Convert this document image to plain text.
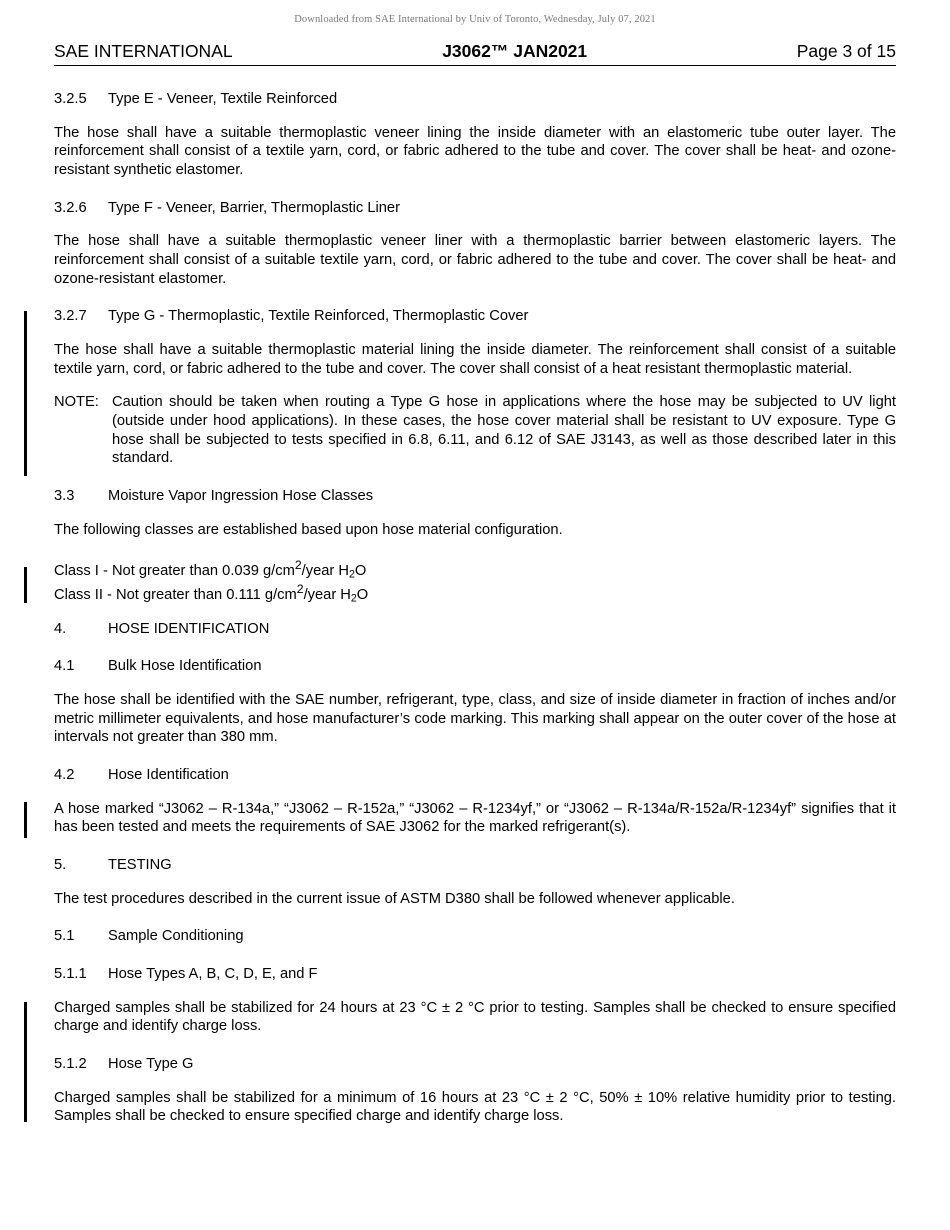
Downloaded from SAE International by Univ of Toronto, Wednesday, July 07, 2021
SAE INTERNATIONAL	J3062™ JAN2021	Page 3 of 15
3.2.5	Type E - Veneer, Textile Reinforced

The hose shall have a suitable thermoplastic veneer lining the inside diameter with an elastomeric tube outer layer. The reinforcement shall consist of a textile yarn, cord, or fabric adhered to the tube and cover. The cover shall be heat- and ozone-resistant synthetic elastomer.

3.2.6	Type F - Veneer, Barrier, Thermoplastic Liner

The hose shall have a suitable thermoplastic veneer liner with a thermoplastic barrier between elastomeric layers. The reinforcement shall consist of a suitable textile yarn, cord, or fabric adhered to the tube and cover. The cover shall be heat- and ozone-resistant elastomer.

3.2.7	Type G - Thermoplastic, Textile Reinforced, Thermoplastic Cover

The hose shall have a suitable thermoplastic material lining the inside diameter. The reinforcement shall consist of a suitable textile yarn, cord, or fabric adhered to the tube and cover. The cover shall consist of a heat resistant thermoplastic material.

NOTE: Caution should be taken when routing a Type G hose in applications where the hose may be subjected to UV light (outside under hood applications). In these cases, the hose cover material shall be resistant to UV exposure. Type G hose shall be subjected to tests specified in 6.8, 6.11, and 6.12 of SAE J3143, as well as those described later in this standard.
3.3	Moisture Vapor Ingression Hose Classes

The following classes are established based upon hose material configuration.

Class I - Not greater than 0.039 $g/cm^2$/year $H_2O$

Class II - Not greater than 0.111 $g/cm^2$/year $H_2O$

4.	HOSE IDENTIFICATION
4.1	Bulk Hose Identification

The hose shall be identified with the SAE number, refrigerant, type, class, and size of inside diameter in fraction of inches and/or metric millimeter equivalents, and hose manufacturer’s code marking. This marking shall appear on the outer cover of the hose at intervals not greater than 380 mm.

4.2	Hose Identification

A hose marked “J3062 – R-134a,” “J3062 – R-152a,” “J3062 – R-1234yf,” or “J3062 – R-134a/R-152a/R-1234yf” signifies that it has been tested and meets the requirements of SAE J3062 for the marked refrigerant(s).

5.	TESTING

The test procedures described in the current issue of ASTM D380 shall be followed whenever applicable.

5.1	Sample Conditioning
5.1.1	Hose Types A, B, C, D, E, and F

Charged samples shall be stabilized for 24 hours at 23 °C ± 2 °C prior to testing. Samples shall be checked to ensure specified charge and identify charge loss.

5.1.2	Hose Type G

Charged samples shall be stabilized for a minimum of 16 hours at 23 °C ± 2 °C, 50% ± 10% relative humidity prior to testing. Samples shall be checked to ensure specified charge and identify charge loss.
